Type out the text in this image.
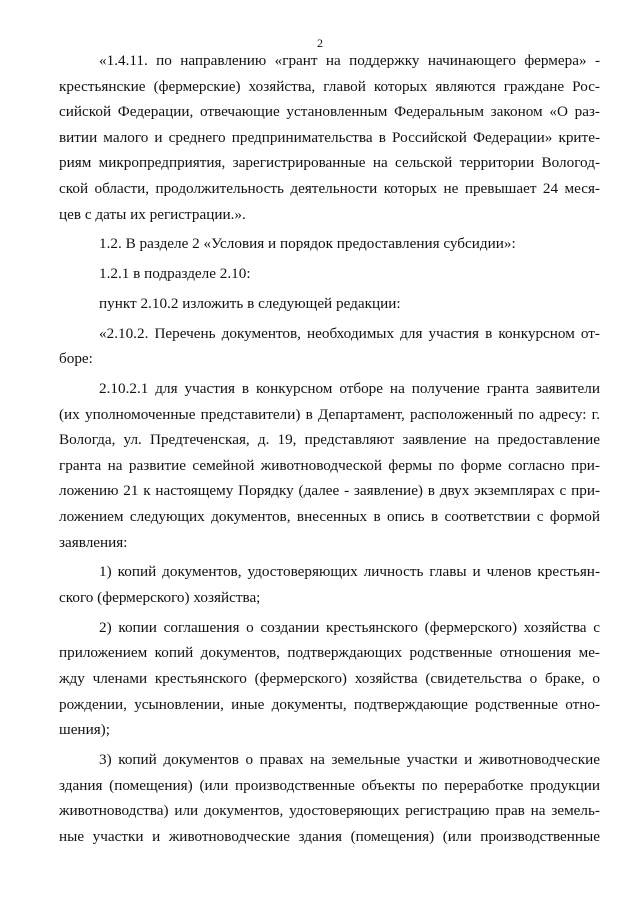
2
«1.4.11. по направлению «грант на поддержку начинающего фермера» -
крестьянские (фермерские) хозяйства, главой которых являются граждане Рос-
сийской Федерации, отвечающие установленным Федеральным законом «О раз-
витии малого и среднего предпринимательства в Российской Федерации» крите-
риям микропредприятия, зарегистрированные на сельской территории Вологод-
ской области, продолжительность деятельности которых не превышает 24 меся-
цев с даты их регистрации.».
1.2. В разделе 2 «Условия и порядок предоставления субсидии»:
1.2.1 в подразделе 2.10:
пункт 2.10.2 изложить в следующей редакции:
«2.10.2. Перечень документов, необходимых для участия в конкурсном от-
боре:
2.10.2.1 для участия в конкурсном отборе на получение гранта заявители
(их уполномоченные представители) в Департамент, расположенный по адресу: г.
Вологда, ул. Предтеченская, д. 19, представляют заявление на предоставление
гранта на развитие семейной животноводческой фермы по форме согласно при-
ложению 21 к настоящему Порядку (далее - заявление) в двух экземплярах с при-
ложением следующих документов, внесенных в опись в соответствии с формой
заявления:
1) копий документов, удостоверяющих личность главы и членов крестьян-
ского (фермерского) хозяйства;
2) копии соглашения о создании крестьянского (фермерского) хозяйства с
приложением копий документов, подтверждающих родственные отношения ме-
жду членами крестьянского (фермерского) хозяйства (свидетельства о браке, о
рождении, усыновлении, иные документы, подтверждающие родственные отно-
шения);
3) копий документов о правах на земельные участки и животноводческие
здания (помещения) (или производственные объекты по переработке продукции
животноводства) или документов, удостоверяющих регистрацию прав на земель-
ные участки и животноводческие здания (помещения) (или производственные
